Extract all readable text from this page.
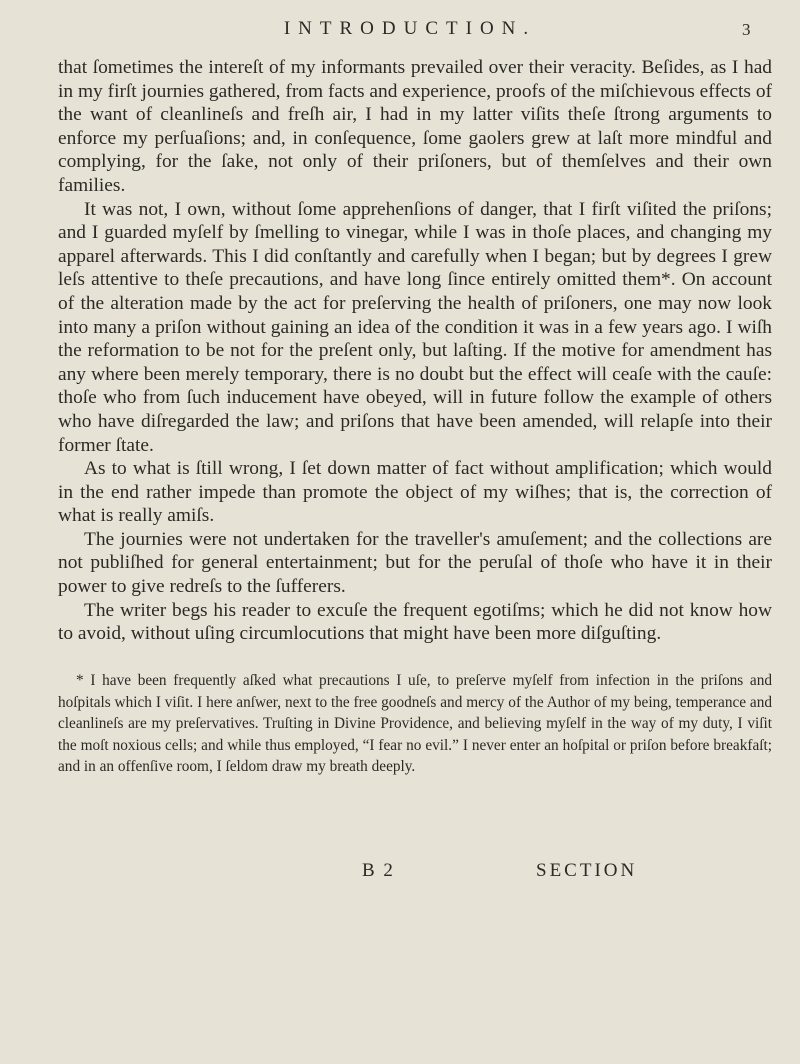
INTRODUCTION.	3

that ſometimes the intereſt of my informants prevailed over their veracity. Beſides, as I had in my firſt journies gathered, from facts and experience, proofs of the miſchievous effects of the want of cleanlineſs and freſh air, I had in my latter viſits theſe ſtrong arguments to enforce my perſuaſions; and, in conſequence, ſome gaolers grew at laſt more mindful and complying, for the ſake, not only of their priſoners, but of themſelves and their own families.

It was not, I own, without ſome apprehenſions of danger, that I firſt viſited the priſons; and I guarded myſelf by ſmelling to vinegar, while I was in thoſe places, and changing my apparel afterwards. This I did conſtantly and carefully when I began; but by degrees I grew leſs attentive to theſe precautions, and have long ſince entirely omitted them*. On account of the alteration made by the act for preſerving the health of priſoners, one may now look into many a priſon without gaining an idea of the condition it was in a few years ago. I wiſh the reformation to be not for the preſent only, but laſting. If the motive for amendment has any where been merely temporary, there is no doubt but the effect will ceaſe with the cauſe: thoſe who from ſuch inducement have obeyed, will in future follow the example of others who have diſregarded the law; and priſons that have been amended, will relapſe into their former ſtate.

As to what is ſtill wrong, I ſet down matter of fact without amplification; which would in the end rather impede than promote the object of my wiſhes; that is, the correction of what is really amiſs.

The journies were not undertaken for the traveller's amuſement; and the collections are not publiſhed for general entertainment; but for the peruſal of thoſe who have it in their power to give redreſs to the ſufferers.

The writer begs his reader to excuſe the frequent egotiſms; which he did not know how to avoid, without uſing circumlocutions that might have been more diſguſting.

* I have been frequently aſked what precautions I uſe, to preſerve myſelf from infection in the priſons and hoſpitals which I viſit. I here anſwer, next to the free goodneſs and mercy of the Author of my being, temperance and cleanlineſs are my preſervatives. Truſting in Divine Providence, and believing myſelf in the way of my duty, I viſit the moſt noxious cells; and while thus employed, “I fear no evil.” I never enter an hoſpital or priſon before breakfaſt; and in an offenſive room, I ſeldom draw my breath deeply.

B 2	SECTION
